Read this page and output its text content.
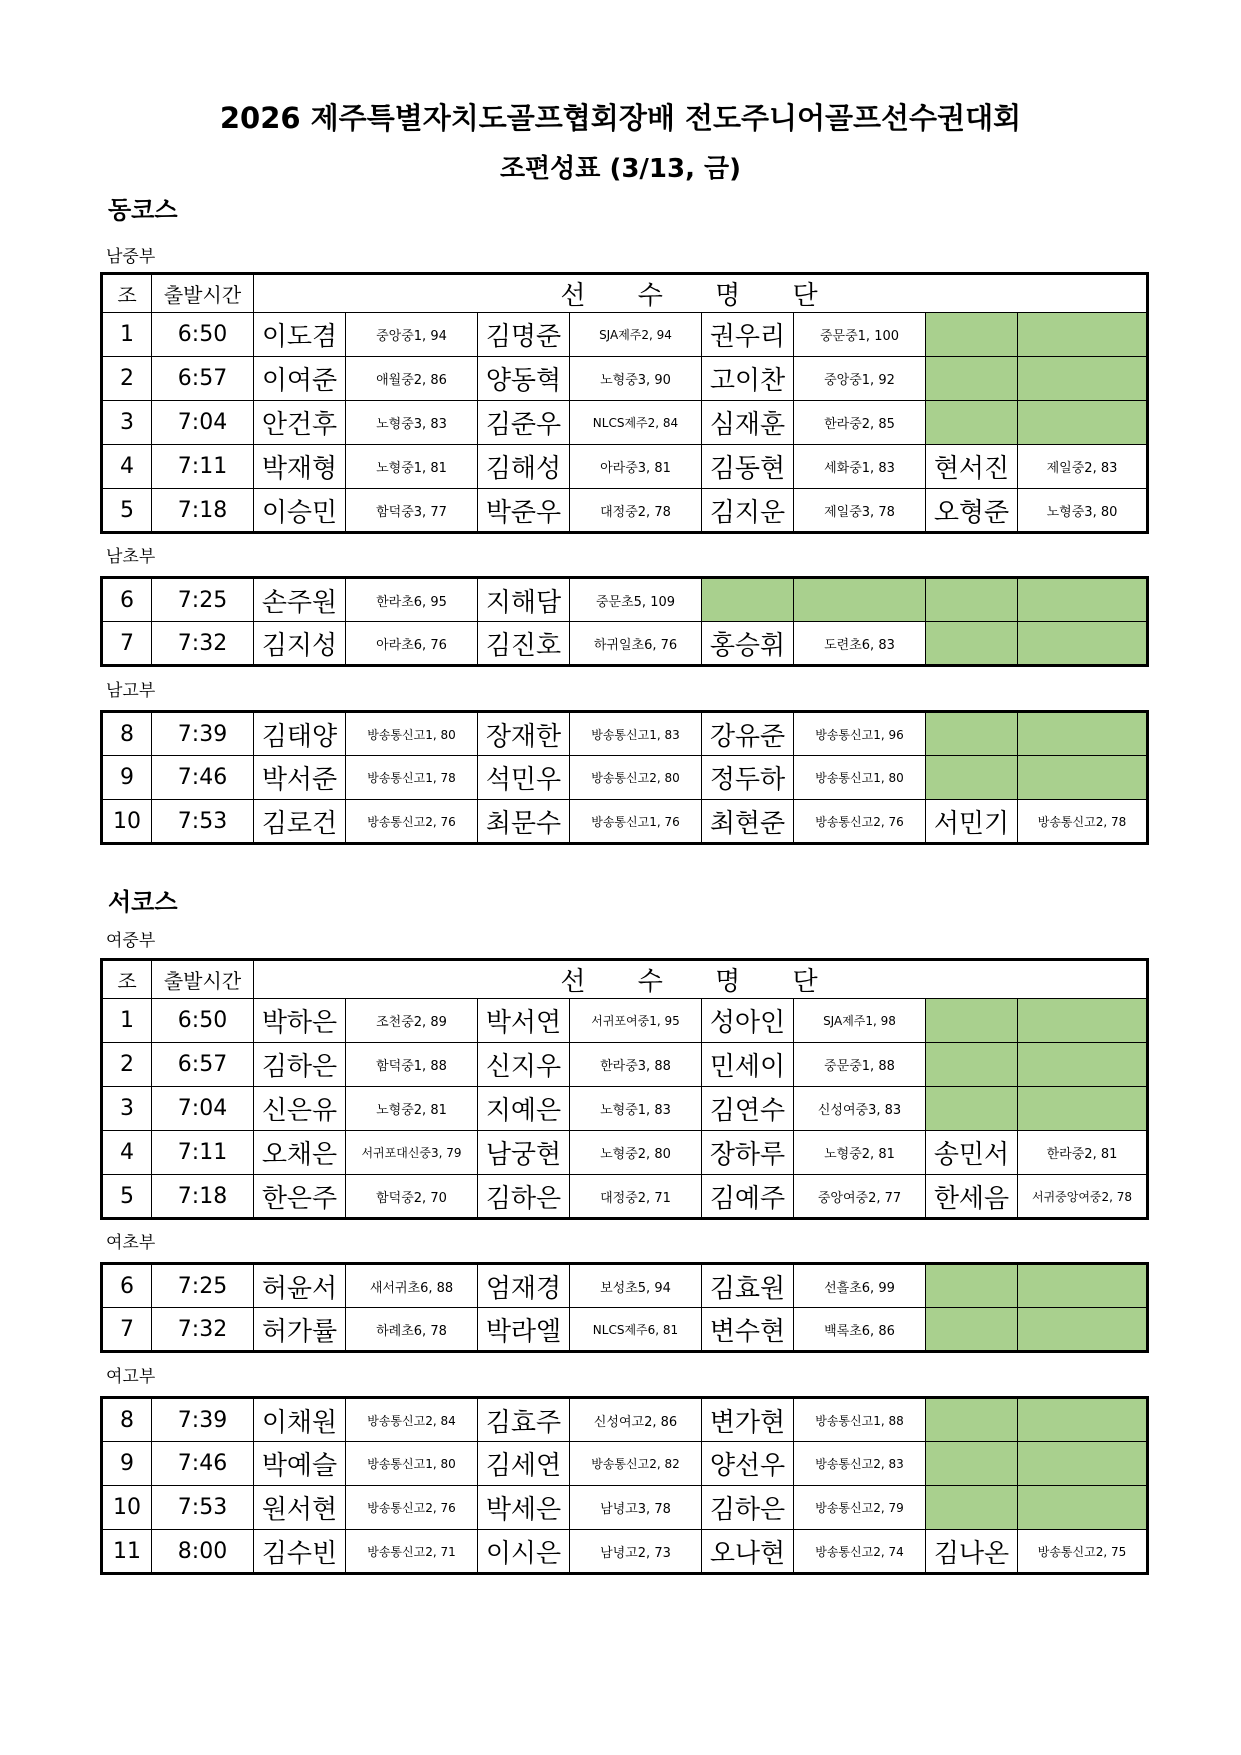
2026 제주특별자치도골프협회장배 전도주니어골프선수권대회
조편성표 (3/13, 금)
동코스
남중부
남초부
남고부
서코스
여중부
여초부
여고부
조	출발시간	선 수 명 단							
1	6:50	이도겸	중앙중1, 94	김명준	SJA제주2, 94	권우리	중문중1, 100		
2	6:57	이여준	애월중2, 86	양동혁	노형중3, 90	고이찬	중앙중1, 92		
3	7:04	안건후	노형중3, 83	김준우	NLCS제주2, 84	심재훈	한라중2, 85		
4	7:11	박재형	노형중1, 81	김해성	아라중3, 81	김동현	세화중1, 83	현서진	제일중2, 83
5	7:18	이승민	함덕중3, 77	박준우	대정중2, 78	김지운	제일중3, 78	오형준	노형중3, 80
6	7:25	손주원	한라초6, 95	지해담	중문초5, 109				
7	7:32	김지성	아라초6, 76	김진호	하귀일초6, 76	홍승휘	도련초6, 83		
8	7:39	김태양	방송통신고1, 80	장재한	방송통신고1, 83	강유준	방송통신고1, 96		
9	7:46	박서준	방송통신고1, 78	석민우	방송통신고2, 80	정두하	방송통신고1, 80		
10	7:53	김로건	방송통신고2, 76	최문수	방송통신고1, 76	최현준	방송통신고2, 76	서민기	방송통신고2, 78
조	출발시간	선 수 명 단							
1	6:50	박하은	조천중2, 89	박서연	서귀포여중1, 95	성아인	SJA제주1, 98		
2	6:57	김하은	함덕중1, 88	신지우	한라중3, 88	민세이	중문중1, 88		
3	7:04	신은유	노형중2, 81	지예은	노형중1, 83	김연수	신성여중3, 83		
4	7:11	오채은	서귀포대신중3, 79	남궁현	노형중2, 80	장하루	노형중2, 81	송민서	한라중2, 81
5	7:18	한은주	함덕중2, 70	김하은	대정중2, 71	김예주	중앙여중2, 77	한세음	서귀중앙여중2, 78
6	7:25	허윤서	새서귀초6, 88	엄재경	보성초5, 94	김효원	선흘초6, 99		
7	7:32	허가률	하례초6, 78	박라엘	NLCS제주6, 81	변수현	백록초6, 86		
8	7:39	이채원	방송통신고2, 84	김효주	신성여고2, 86	변가현	방송통신고1, 88		
9	7:46	박예슬	방송통신고1, 80	김세연	방송통신고2, 82	양선우	방송통신고2, 83		
10	7:53	원서현	방송통신고2, 76	박세은	남녕고3, 78	김하은	방송통신고2, 79		
11	8:00	김수빈	방송통신고2, 71	이시은	남녕고2, 73	오나현	방송통신고2, 74	김나온	방송통신고2, 75
